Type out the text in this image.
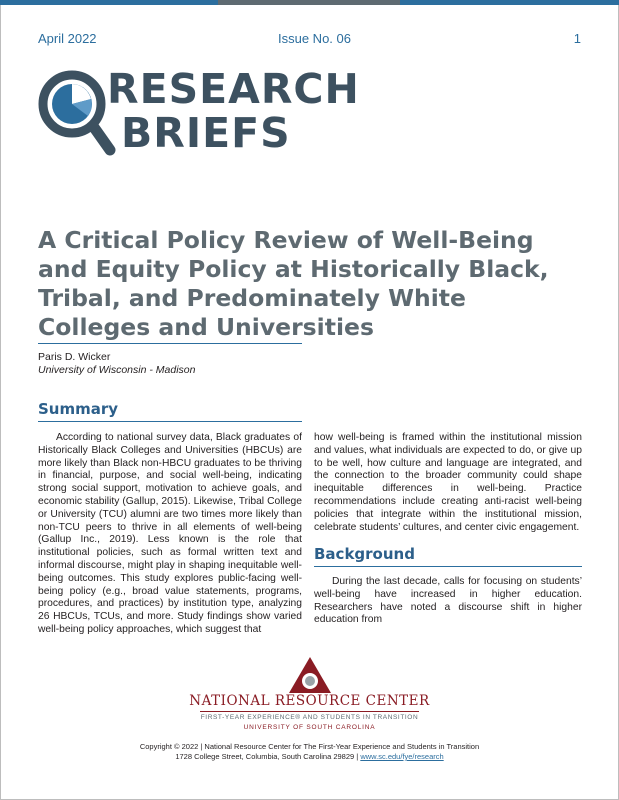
April 2022	Issue No. 06	1
RESEARCH
BRIEFS
A Critical Policy Review of Well-Being and Equity Policy at Historically Black, Tribal, and Predominately White Colleges and Universities
Paris D. Wicker
University of Wisconsin - Madison
Summary

According to national survey data, Black graduates of Historically Black Colleges and Universities (HBCUs) are more likely than Black non-HBCU graduates to be thriving in financial, purpose, and social well-being, indicating strong social support, motivation to achieve goals, and economic stability (Gallup, 2015). Likewise, Tribal College or University (TCU) alumni are two times more likely than non-TCU peers to thrive in all elements of well-being (Gallup Inc., 2019). Less known is the role that institutional policies, such as formal written text and informal discourse, might play in shaping inequitable well-being outcomes. This study explores public-facing well-being policy (e.g., broad value statements, programs, procedures, and practices) by institution type, analyzing 26 HBCUs, TCUs, and more. Study findings show varied well-being policy approaches, which suggest that

how well-being is framed within the institutional mission and values, what individuals are expected to do, or give up to be well, how culture and language are integrated, and the connection to the broader community could shape inequitable differences in well-being. Practice recommendations include creating anti-racist well-being policies that integrate within the institutional mission, celebrate students’ cultures, and center civic engagement.

Background

During the last decade, calls for focusing on students’ well-being have increased in higher education. Researchers have noted a discourse shift in higher education from

NATIONAL RESOURCE CENTER
FIRST-YEAR EXPERIENCE® AND STUDENTS IN TRANSITION
UNIVERSITY OF SOUTH CAROLINA
Copyright © 2022 | National Resource Center for The First-Year Experience and Students in Transition
1728 College Street, Columbia, South Carolina 29829 | www.sc.edu/fye/research
